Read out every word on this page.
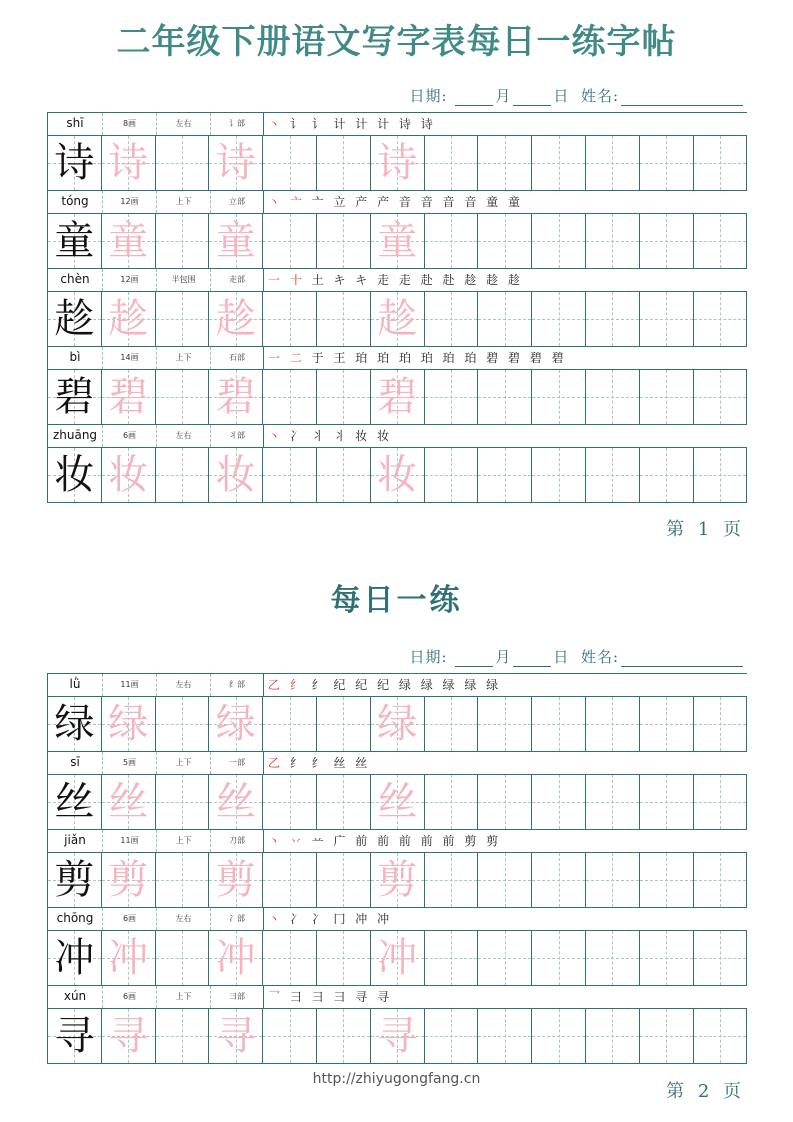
二年级下册语文写字表每日一练字帖
日期:	月	日 姓名:
shī	8画	左右	讠部	丶 讠 讠 计 计 计 诗 诗
诗 诗 诗	诗
tóng	12画	上下	立部	丶 亠 亠 立 产 产 音 音 音 音 童 童
童 童 童	童
chèn	12画	半包围	走部	一 十 土 キ キ 走 走 赴 赴 趁 趁 趁
趁 趁 趁	趁
bì	14画	上下	石部	一 二 于 王 珀 珀 珀 珀 珀 珀 碧 碧 碧 碧
碧 碧 碧	碧
zhuāng	6画	左右	丬部	丶 冫 丬 丬 妆 妆
妆 妆 妆	妆
第 1 页
每日一练
日期:	月	日 姓名:
lǜ	11画	左右	纟部	乙 纟 纟 纪 纪 纪 绿 绿 绿 绿 绿
绿 绿 绿	绿
sī	5画	上下	一部	乙 纟 纟 丝 丝
丝 丝 丝	丝
jiǎn	11画	上下	刀部	丶 丷 䒑 广 前 前 前 前 前 剪 剪
剪 剪 剪	剪
chōng	6画	左右	冫部	丶 冫 冫 冂 冲 冲
冲 冲 冲	冲
xún	6画	上下	彐部	乛 彐 彐 彐 寻 寻
寻 寻 寻	寻
http://zhiyugongfang.cn
第 2 页
